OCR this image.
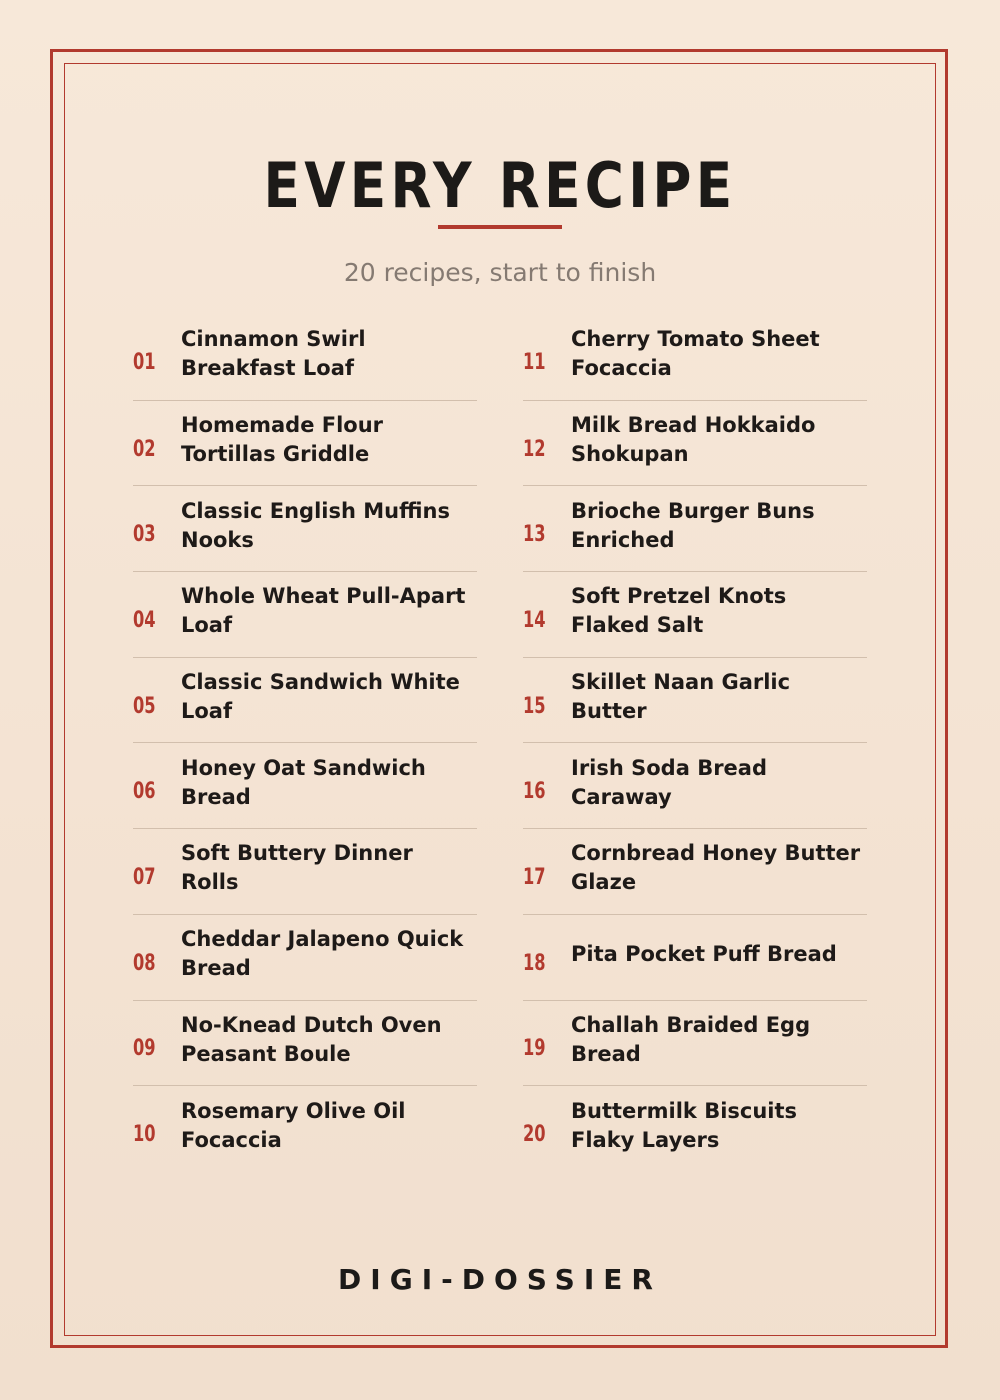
EVERY RECIPE
20 recipes, start to finish
01
Cinnamon Swirl Breakfast Loaf
02
Homemade Flour Tortillas Griddle
03
Classic English Muffins Nooks
04
Whole Wheat Pull-Apart Loaf
05
Classic Sandwich White Loaf
06
Honey Oat Sandwich Bread
07
Soft Buttery Dinner Rolls
08
Cheddar Jalapeno Quick Bread
09
No-Knead Dutch Oven Peasant Boule
10
Rosemary Olive Oil Focaccia
11
Cherry Tomato Sheet Focaccia
12
Milk Bread Hokkaido Shokupan
13
Brioche Burger Buns Enriched
14
Soft Pretzel Knots Flaked Salt
15
Skillet Naan Garlic Butter
16
Irish Soda Bread Caraway
17
Cornbread Honey Butter Glaze
18	Pita Pocket Puff Bread
19
Challah Braided Egg Bread
20
Buttermilk Biscuits Flaky Layers
DIGI-DOSSIER
